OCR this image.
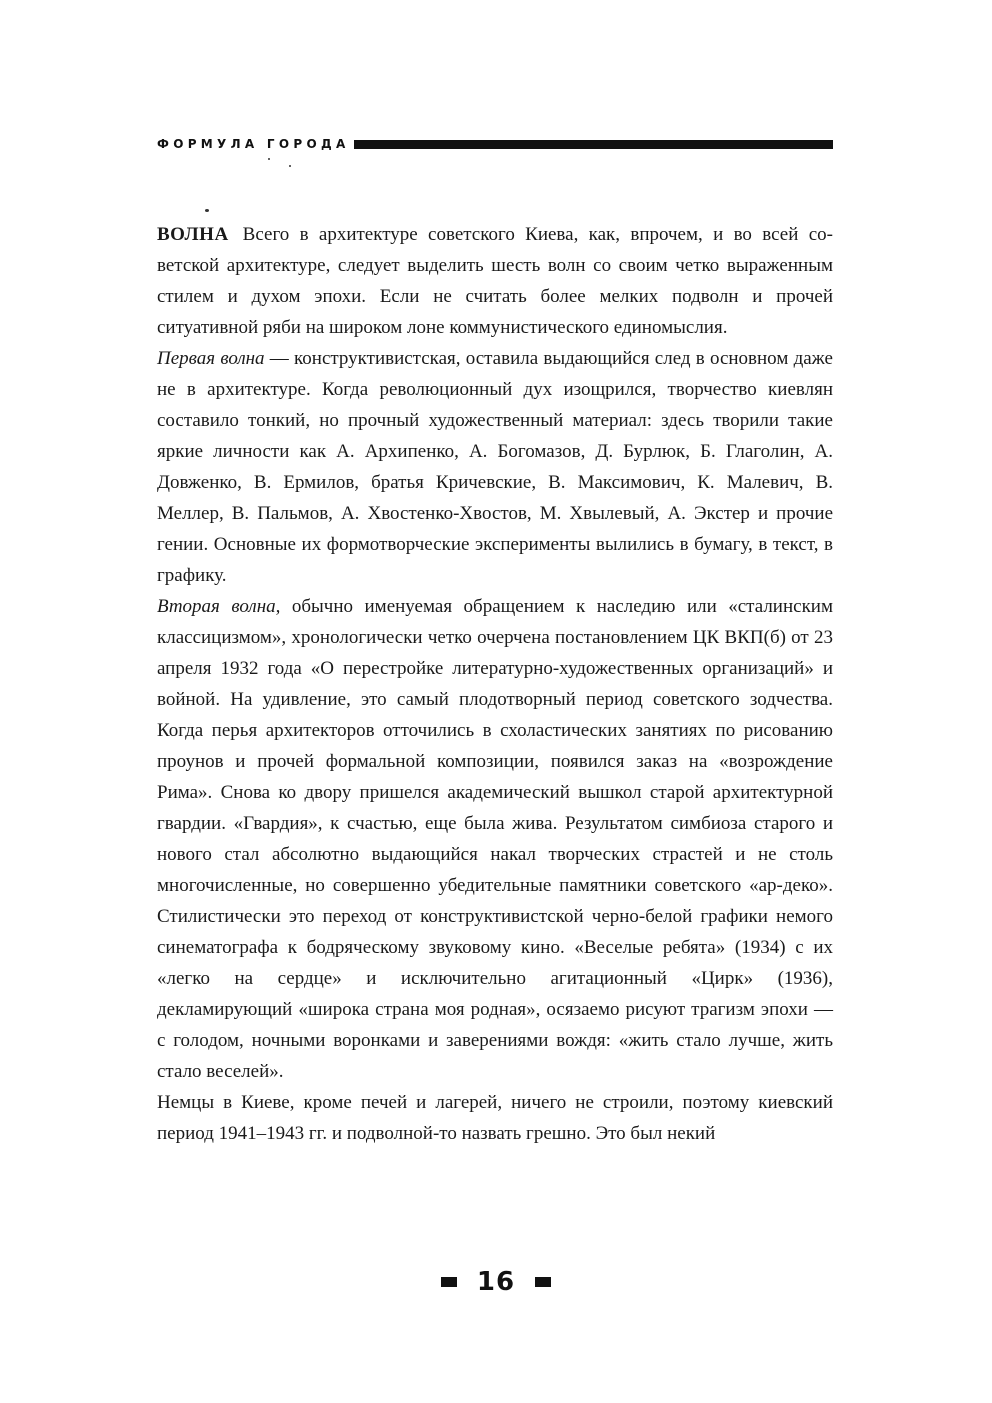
ФОРМУЛА ГОРОДА

ВОЛНА Всего в архитектуре советского Киева, как, впрочем, и во всей советской архитектуре, следует выделить шесть волн со своим четко выраженным стилем и духом эпохи. Если не считать более мелких подволн и прочей ситуативной ряби на широком лоне коммунистического единомыслия.

Первая волна — конструктивистская, оставила выдающийся след в основном даже не в архитектуре. Когда революционный дух изощрился, творчество киевлян составило тонкий, но прочный художественный материал: здесь творили такие яркие личности как А. Архипенко, А. Богомазов, Д. Бурлюк, Б. Глаголин, А. Довженко, В. Ермилов, братья Кричевские, В. Максимович, К. Малевич, В. Меллер, В. Пальмов, А. Хвостенко-Хвостов, М. Хвылевый, А. Экстер и прочие гении. Основные их формотворческие эксперименты вылились в бумагу, в текст, в графику.

Вторая волна, обычно именуемая обращением к наследию или «сталинским классицизмом», хронологически четко очерчена постановлением ЦК ВКП(б) от 23 апреля 1932 года «О перестройке литературно-художественных организаций» и войной. На удивление, это самый плодотворный период советского зодчества. Когда перья архитекторов отточились в схоластических занятиях по рисованию проунов и прочей формальной композиции, появился заказ на «возрождение Рима». Снова ко двору пришелся академический вышкол старой архитектурной гвардии. «Гвардия», к счастью, еще была жива. Результатом симбиоза старого и нового стал абсолютно выдающийся накал творческих страстей и не столь многочисленные, но совершенно убедительные памятники советского «ар-деко». Стилистически это переход от конструктивистской черно-белой графики немого синематографа к бодряческому звуковому кино. «Веселые ребята» (1934) с их «легко на сердце» и исключительно агитационный «Цирк» (1936), декламирующий «широка страна моя родная», осязаемо рисуют трагизм эпохи — с голодом, ночными воронками и заверениями вождя: «жить стало лучше, жить стало веселей».

Немцы в Киеве, кроме печей и лагерей, ничего не строили, поэтому киевский период 1941–1943 гг. и подволной-то назвать грешно. Это был некий

16
